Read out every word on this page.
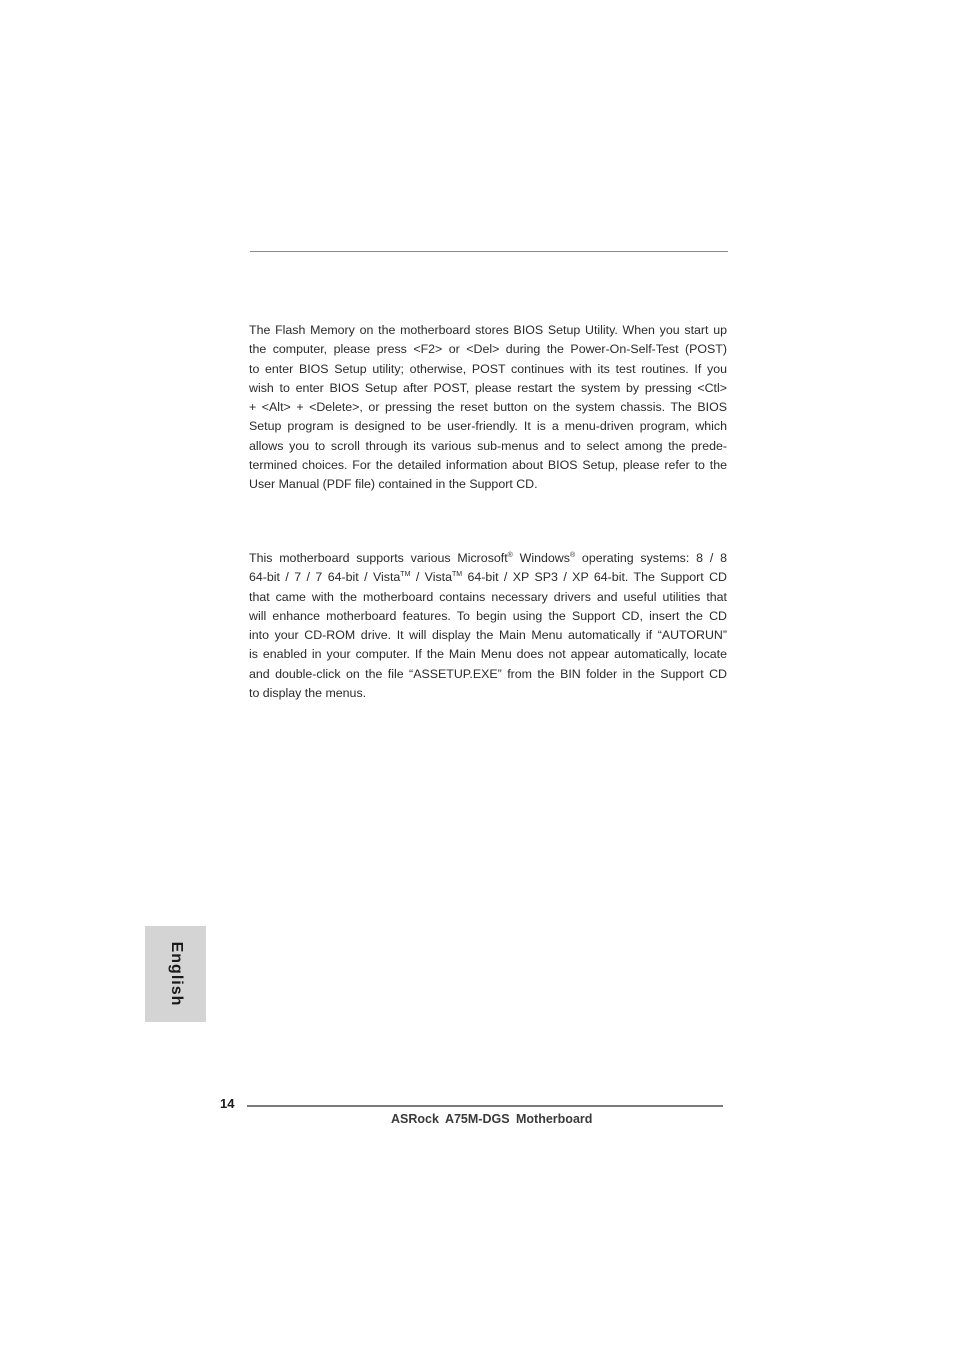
The Flash Memory on the motherboard stores BIOS Setup Utility. When you start up
the computer, please press <F2> or <Del> during the Power-On-Self-Test (POST)
to enter BIOS Setup utility; otherwise, POST continues with its test routines. If you
wish to enter BIOS Setup after POST, please restart the system by pressing <Ctl>
+ <Alt> + <Delete>, or pressing the reset button on the system chassis. The BIOS
Setup program is designed to be user-friendly. It is a menu-driven program, which
allows you to scroll through its various sub-menus and to select among the prede-
termined choices. For the detailed information about BIOS Setup, please refer to the
User Manual (PDF file) contained in the Support CD.
This motherboard supports various Microsoft® Windows® operating systems: 8 / 8
64-bit / 7 / 7 64-bit / Vista™ / Vista™ 64-bit / XP SP3 / XP 64-bit. The Support CD
that came with the motherboard contains necessary drivers and useful utilities that
will enhance motherboard features. To begin using the Support CD, insert the CD
into your CD-ROM drive. It will display the Main Menu automatically if “AUTORUN”
is enabled in your computer. If the Main Menu does not appear automatically, locate
and double-click on the file “ASSETUP.EXE” from the BIN folder in the Support CD
to display the menus.
English
14
ASRock A75M-DGS Motherboard
